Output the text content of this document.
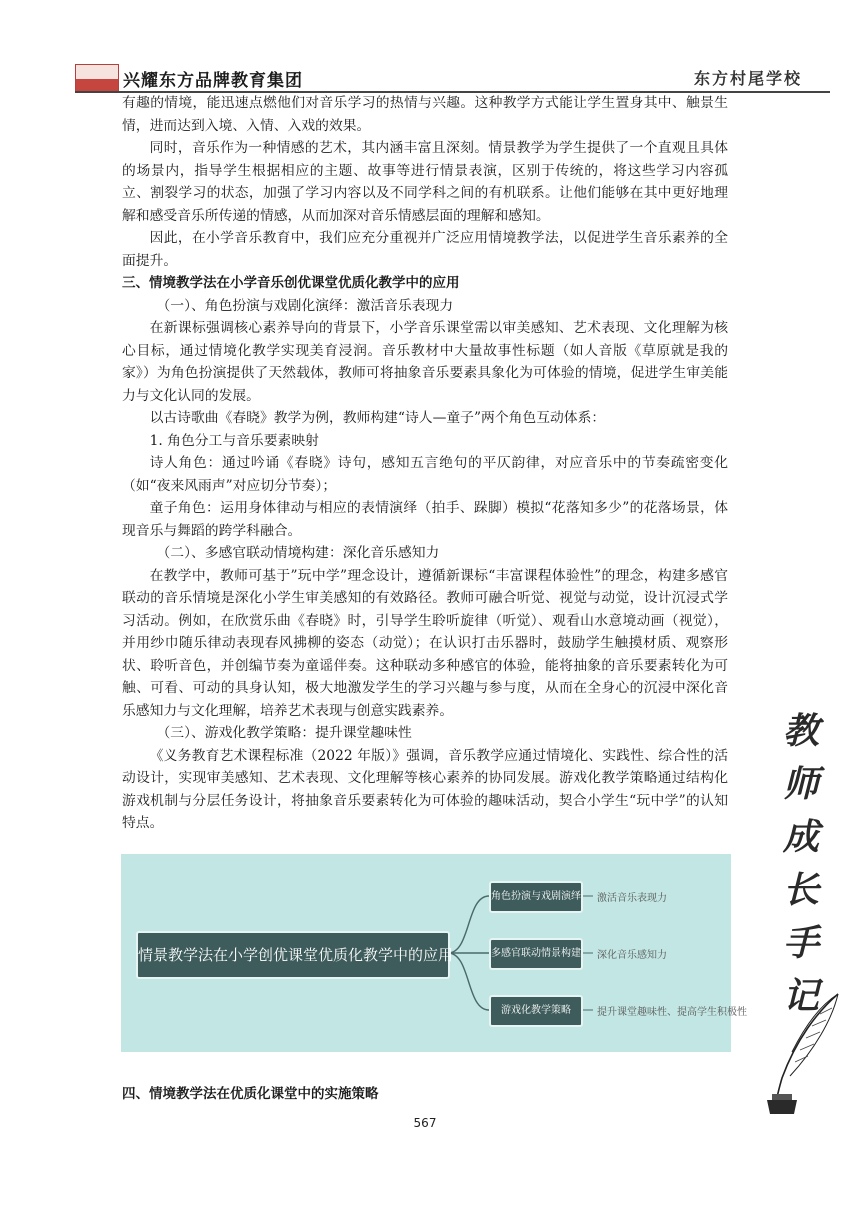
兴耀东方品牌教育集团	东方村尾学校

有趣的情境，能迅速点燃他们对音乐学习的热情与兴趣。这种教学方式能让学生置身其中、触景生情，进而达到入境、入情、入戏的效果。

同时，音乐作为一种情感的艺术，其内涵丰富且深刻。情景教学为学生提供了一个直观且具体的场景内，指导学生根据相应的主题、故事等进行情景表演，区别于传统的，将这些学习内容孤立、割裂学习的状态，加强了学习内容以及不同学科之间的有机联系。让他们能够在其中更好地理解和感受音乐所传递的情感，从而加深对音乐情感层面的理解和感知。

因此，在小学音乐教育中，我们应充分重视并广泛应用情境教学法，以促进学生音乐素养的全面提升。

三、情境教学法在小学音乐创优课堂优质化教学中的应用

（一）、角色扮演与戏剧化演绎：激活音乐表现力

在新课标强调核心素养导向的背景下，小学音乐课堂需以审美感知、艺术表现、文化理解为核心目标，通过情境化教学实现美育浸润。音乐教材中大量故事性标题（如人音版《草原就是我的家》）为角色扮演提供了天然载体，教师可将抽象音乐要素具象化为可体验的情境，促进学生审美能力与文化认同的发展。

以古诗歌曲《春晓》教学为例，教师构建“诗人—童子”两个角色互动体系：

1. 角色分工与音乐要素映射

诗人角色：通过吟诵《春晓》诗句，感知五言绝句的平仄韵律，对应音乐中的节奏疏密变化（如“夜来风雨声”对应切分节奏）；

童子角色：运用身体律动与相应的表情演绎（拍手、跺脚）模拟“花落知多少”的花落场景，体现音乐与舞蹈的跨学科融合。

（二）、多感官联动情境构建：深化音乐感知力

在教学中，教师可基于”玩中学”理念设计，遵循新课标“丰富课程体验性”的理念，构建多感官联动的音乐情境是深化小学生审美感知的有效路径。教师可融合听觉、视觉与动觉，设计沉浸式学习活动。例如，在欣赏乐曲《春晓》时，引导学生聆听旋律（听觉）、观看山水意境动画（视觉），并用纱巾随乐律动表现春风拂柳的姿态（动觉）；在认识打击乐器时，鼓励学生触摸材质、观察形状、聆听音色，并创编节奏为童谣伴奏。这种联动多种感官的体验，能将抽象的音乐要素转化为可触、可看、可动的具身认知，极大地激发学生的学习兴趣与参与度，从而在全身心的沉浸中深化音乐感知力与文化理解，培养艺术表现与创意实践素养。

（三）、游戏化教学策略：提升课堂趣味性

《义务教育艺术课程标准（2022 年版）》强调，音乐教学应通过情境化、实践性、综合性的活动设计，实现审美感知、艺术表现、文化理解等核心素养的协同发展。游戏化教学策略通过结构化游戏机制与分层任务设计，将抽象音乐要素转化为可体验的趣味活动，契合小学生“玩中学”的认知特点。

情景教学法在小学创优课堂优质化教学中的应用
角色扮演与戏剧演绎 激活音乐表现力
多感官联动情景构建 深化音乐感知力
游戏化教学策略	提升课堂趣味性、提高学生积极性
四、情境教学法在优质化课堂中的实施策略
567
教
师
成
长
手
记
